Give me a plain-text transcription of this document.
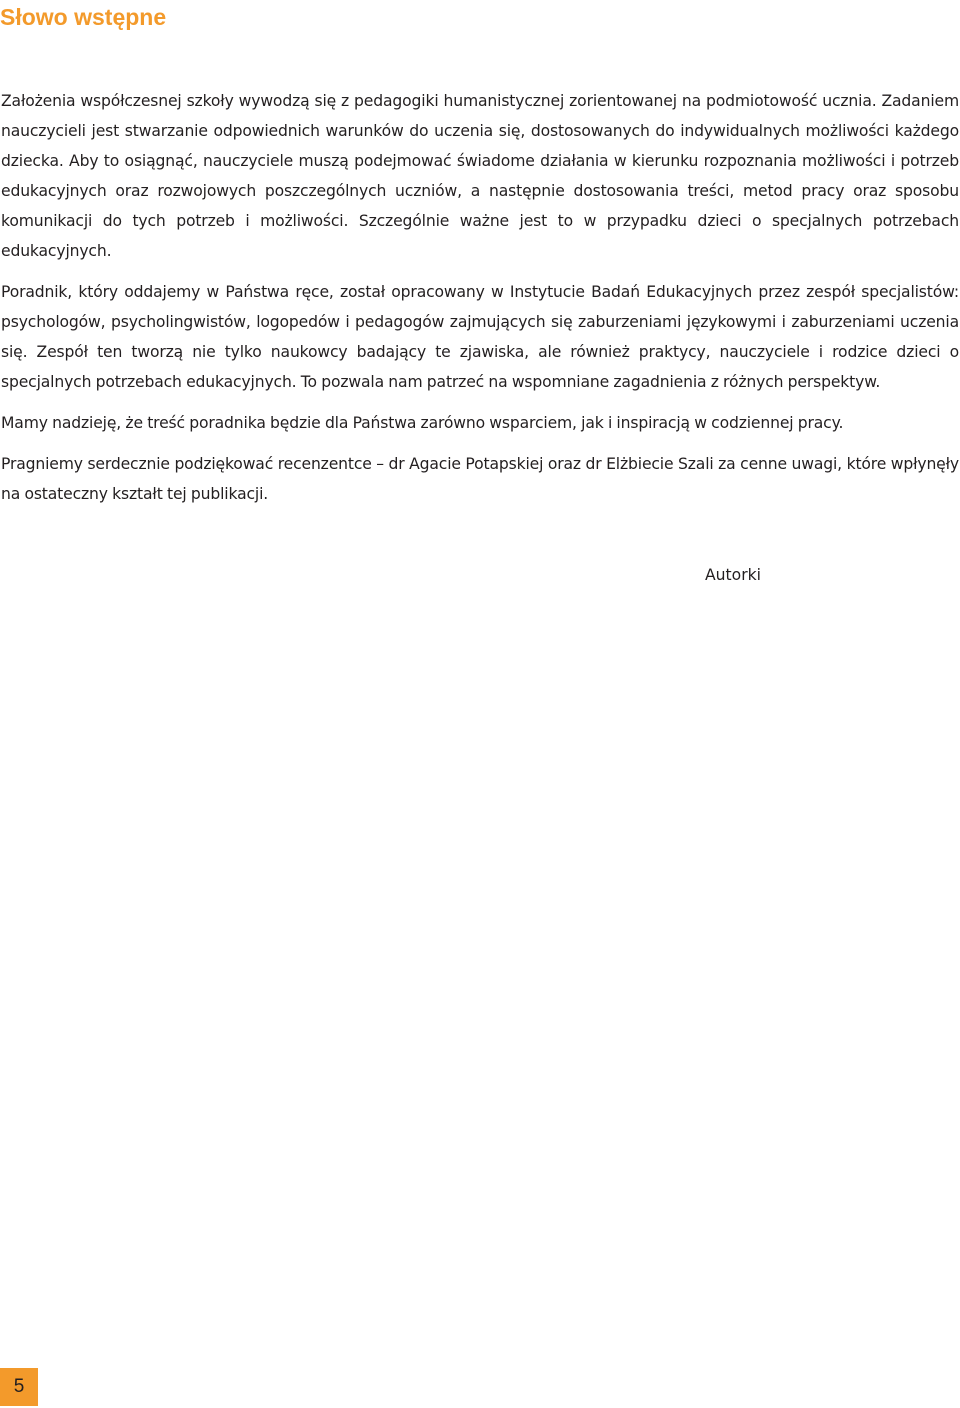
Słowo wstępne

Założenia współczesnej szkoły wywodzą się z pedagogiki humanistycznej zorientowanej na podmiotowość ucznia. Zadaniem nauczycieli jest stwarzanie odpowiednich warunków do uczenia się, dostosowanych do indywidualnych możliwości każdego dziecka. Aby to osiągnąć, nauczyciele muszą podejmować świadome działania w kierunku rozpoznania możliwości i potrzeb edukacyjnych oraz rozwojowych poszczególnych uczniów, a następnie dostosowania treści, metod pracy oraz sposobu komunikacji do tych potrzeb i możliwości. Szczególnie ważne jest to w przypadku dzieci o specjalnych potrzebach edukacyjnych.

Poradnik, który oddajemy w Państwa ręce, został opracowany w Instytucie Badań Edukacyjnych przez zespół specjalistów: psychologów, psycholingwistów, logopedów i pedagogów zajmujących się zaburzeniami językowymi i zaburzeniami uczenia się. Zespół ten tworzą nie tylko naukowcy badający te zjawiska, ale również praktycy, nauczyciele i rodzice dzieci o specjalnych potrzebach edukacyjnych. To pozwala nam patrzeć na wspomniane zagadnienia z różnych perspektyw.

Mamy nadzieję, że treść poradnika będzie dla Państwa zarówno wsparciem, jak i inspiracją w codziennej pracy.

Pragniemy serdecznie podziękować recenzentce – dr Agacie Potapskiej oraz dr Elżbiecie Szali za cenne uwagi, które wpłynęły na ostateczny kształt tej publikacji.

Autorki
5
